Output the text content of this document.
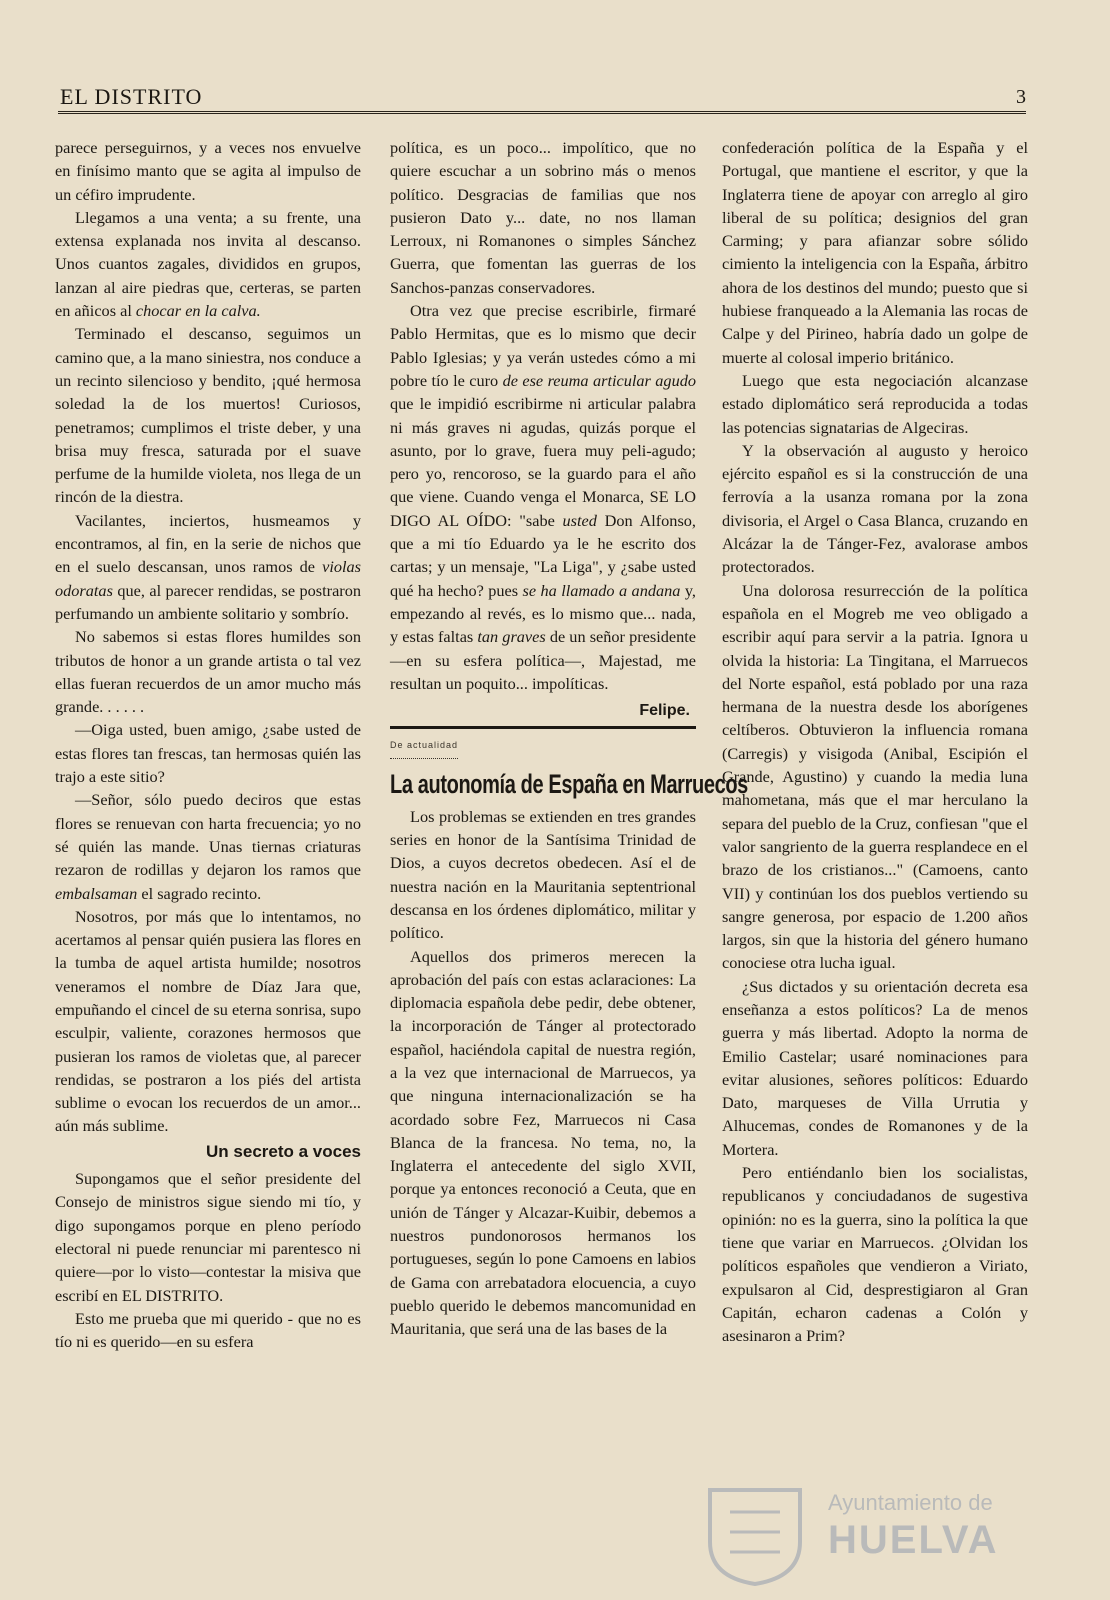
EL DISTRITO	3

parece perseguirnos, y a veces nos envuelve en finísimo manto que se agita al impulso de un céfiro imprudente.

Llegamos a una venta; a su frente, una extensa explanada nos invita al descanso. Unos cuantos zagales, divididos en grupos, lanzan al aire piedras que, certeras, se parten en añicos al chocar en la calva.

Terminado el descanso, seguimos un camino que, a la mano siniestra, nos conduce a un recinto silencioso y bendito, ¡qué hermosa soledad la de los muertos! Curiosos, penetramos; cumplimos el triste deber, y una brisa muy fresca, saturada por el suave perfume de la humilde violeta, nos llega de un rincón de la diestra.

Vacilantes, inciertos, husmeamos y encontramos, al fin, en la serie de nichos que en el suelo descansan, unos ramos de violas odoratas que, al parecer rendidas, se postraron perfumando un ambiente solitario y sombrío.

No sabemos si estas flores humildes son tributos de honor a un grande artista o tal vez ellas fueran recuerdos de un amor mucho más grande. . . . . .

—Oiga usted, buen amigo, ¿sabe usted de estas flores tan frescas, tan hermosas quién las trajo a este sitio?

—Señor, sólo puedo deciros que estas flores se renuevan con harta frecuencia; yo no sé quién las mande. Unas tiernas criaturas rezaron de rodillas y dejaron los ramos que embalsaman el sagrado recinto.

Nosotros, por más que lo intentamos, no acertamos al pensar quién pusiera las flores en la tumba de aquel artista humilde; nosotros veneramos el nombre de Díaz Jara que, empuñando el cincel de su eterna sonrisa, supo esculpir, valiente, corazones hermosos que pusieran los ramos de violetas que, al parecer rendidas, se postraron a los piés del artista sublime o evocan los recuerdos de un amor... aún más sublime.

Un secreto a voces

Supongamos que el señor presidente del Consejo de ministros sigue siendo mi tío, y digo supongamos porque en pleno período electoral ni puede renunciar mi parentesco ni quiere—por lo visto—contestar la misiva que escribí en EL DISTRITO.

Esto me prueba que mi querido - que no es tío ni es querido—en su esfera

política, es un poco... impolítico, que no quiere escuchar a un sobrino más o menos político. Desgracias de familias que nos pusieron Dato y... date, no nos llaman Lerroux, ni Romanones o simples Sánchez Guerra, que fomentan las guerras de los Sanchos-panzas conservadores.

Otra vez que precise escribirle, firmaré Pablo Hermitas, que es lo mismo que decir Pablo Iglesias; y ya verán ustedes cómo a mi pobre tío le curo de ese reuma articular agudo que le impidió escribirme ni articular palabra ni más graves ni agudas, quizás porque el asunto, por lo grave, fuera muy peli-agudo; pero yo, rencoroso, se la guardo para el año que viene. Cuando venga el Monarca, SE LO DIGO AL OÍDO: "sabe usted Don Alfonso, que a mi tío Eduardo ya le he escrito dos cartas; y un mensaje, "La Liga", y ¿sabe usted qué ha hecho? pues se ha llamado a andana y, empezando al revés, es lo mismo que... nada, y estas faltas tan graves de un señor presidente —en su esfera política—, Majestad, me resultan un poquito... impolíticas.

Felipe.
De actualidad
La autonomía de España en Marruecos

Los problemas se extienden en tres grandes series en honor de la Santísima Trinidad de Dios, a cuyos decretos obedecen. Así el de nuestra nación en la Mauritania septentrional descansa en los órdenes diplomático, militar y político.

Aquellos dos primeros merecen la aprobación del país con estas aclaraciones: La diplomacia española debe pedir, debe obtener, la incorporación de Tánger al protectorado español, haciéndola capital de nuestra región, a la vez que internacional de Marruecos, ya que ninguna internacionalización se ha acordado sobre Fez, Marruecos ni Casa Blanca de la francesa. No tema, no, la Inglaterra el antecedente del siglo XVII, porque ya entonces reconoció a Ceuta, que en unión de Tánger y Alcazar-Kuibir, debemos a nuestros pundonorosos hermanos los portugueses, según lo pone Camoens en labios de Gama con arrebatadora elocuencia, a cuyo pueblo querido le debemos mancomunidad en Mauritania, que será una de las bases de la

confederación política de la España y el Portugal, que mantiene el escritor, y que la Inglaterra tiene de apoyar con arreglo al giro liberal de su política; designios del gran Carming; y para afianzar sobre sólido cimiento la inteligencia con la España, árbitro ahora de los destinos del mundo; puesto que si hubiese franqueado a la Alemania las rocas de Calpe y del Pirineo, habría dado un golpe de muerte al colosal imperio británico.

Luego que esta negociación alcanzase estado diplomático será reproducida a todas las potencias signatarias de Algeciras.

Y la observación al augusto y heroico ejército español es si la construcción de una ferrovía a la usanza romana por la zona divisoria, el Argel o Casa Blanca, cruzando en Alcázar la de Tánger-Fez, avalorase ambos protectorados.

Una dolorosa resurrección de la política española en el Mogreb me veo obligado a escribir aquí para servir a la patria. Ignora u olvida la historia: La Tingitana, el Marruecos del Norte español, está poblado por una raza hermana de la nuestra desde los aborígenes celtíberos. Obtuvieron la influencia romana (Carregis) y visigoda (Anibal, Escipión el Grande, Agustino) y cuando la media luna mahometana, más que el mar herculano la separa del pueblo de la Cruz, confiesan "que el valor sangriento de la guerra resplandece en el brazo de los cristianos..." (Camoens, canto VII) y continúan los dos pueblos vertiendo su sangre generosa, por espacio de 1.200 años largos, sin que la historia del género humano conociese otra lucha igual.

¿Sus dictados y su orientación decreta esa enseñanza a estos políticos? La de menos guerra y más libertad. Adopto la norma de Emilio Castelar; usaré nominaciones para evitar alusiones, señores políticos: Eduardo Dato, marqueses de Villa Urrutia y Alhucemas, condes de Romanones y de la Mortera.

Pero entiéndanlo bien los socialistas, republicanos y conciudadanos de sugestiva opinión: no es la guerra, sino la política la que tiene que variar en Marruecos. ¿Olvidan los políticos españoles que vendieron a Viriato, expulsaron al Cid, desprestigiaron al Gran Capitán, echaron cadenas a Colón y asesinaron a Prim?

Ayuntamiento de
HUELVA
